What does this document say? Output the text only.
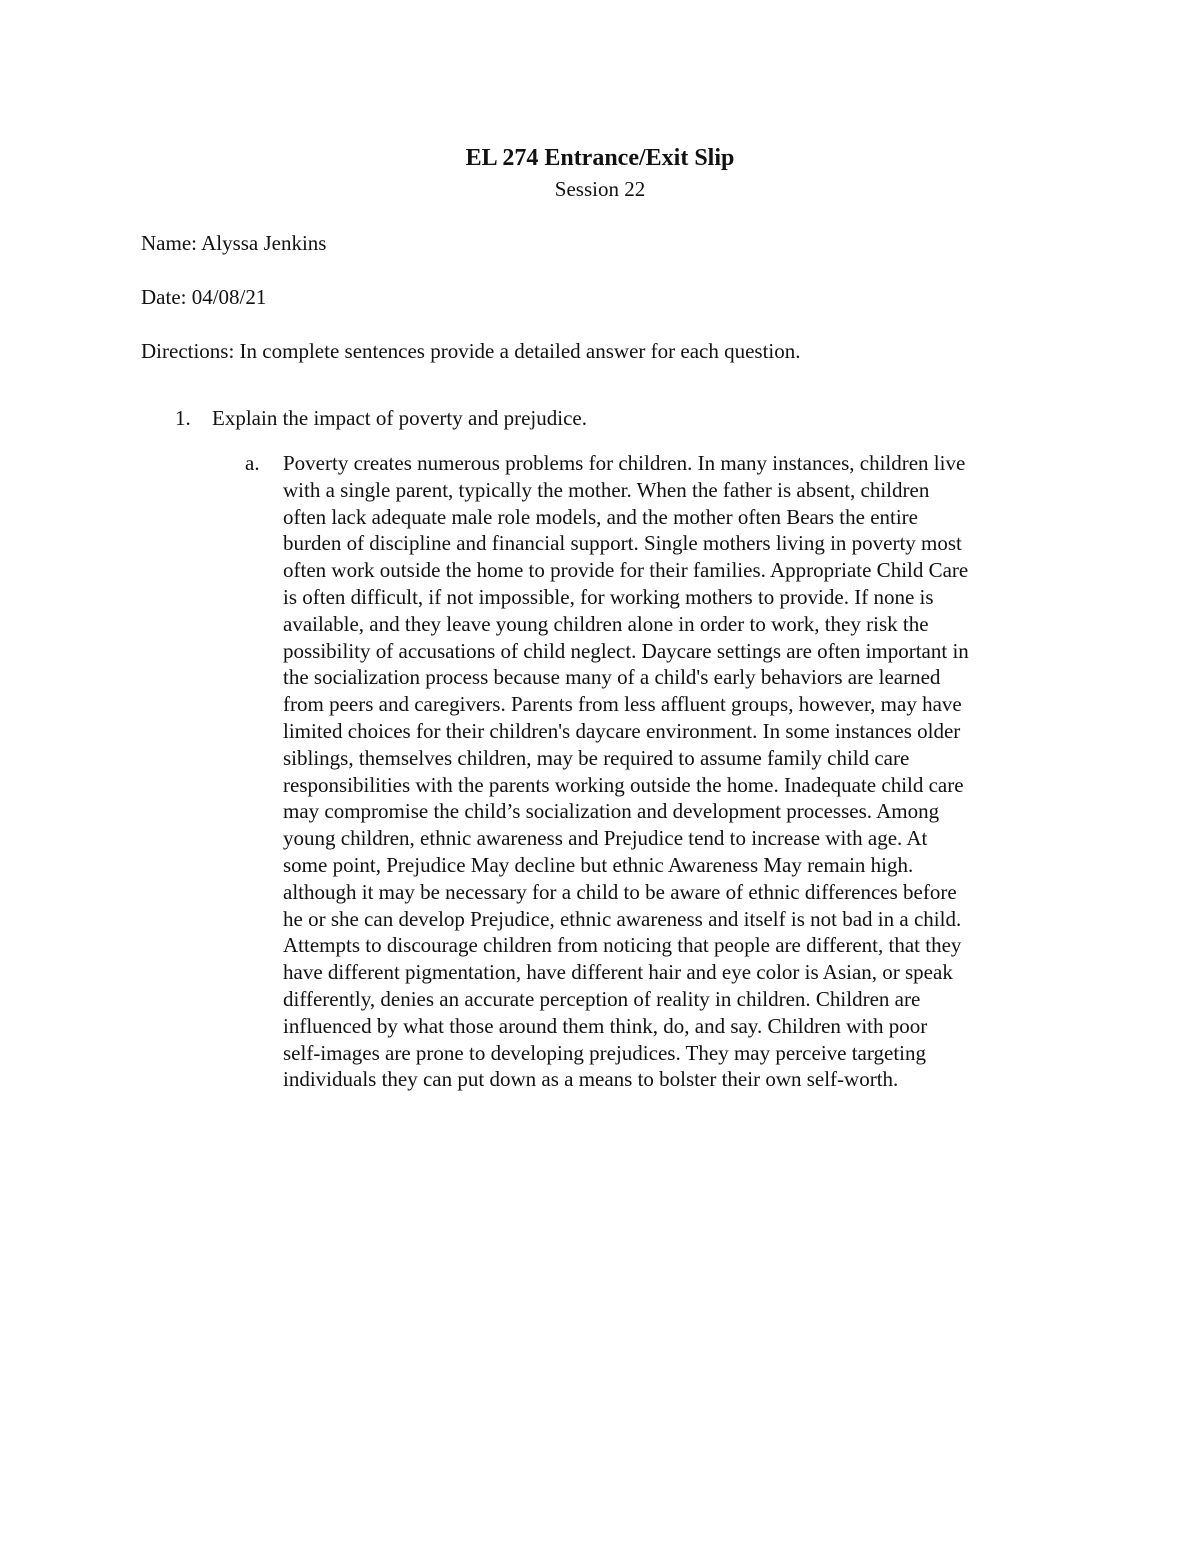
EL 274 Entrance/Exit Slip
Session 22
Name: Alyssa Jenkins
Date: 04/08/21
Directions: In complete sentences provide a detailed answer for each question.
1. Explain the impact of poverty and prejudice.
a. Poverty creates numerous problems for children. In many instances, children live
with a single parent, typically the mother. When the father is absent, children
often lack adequate male role models, and the mother often Bears the entire
burden of discipline and financial support. Single mothers living in poverty most
often work outside the home to provide for their families. Appropriate Child Care
is often difficult, if not impossible, for working mothers to provide. If none is
available, and they leave young children alone in order to work, they risk the
possibility of accusations of child neglect. Daycare settings are often important in
the socialization process because many of a child's early behaviors are learned
from peers and caregivers. Parents from less affluent groups, however, may have
limited choices for their children's daycare environment. In some instances older
siblings, themselves children, may be required to assume family child care
responsibilities with the parents working outside the home. Inadequate child care
may compromise the child’s socialization and development processes. Among
young children, ethnic awareness and Prejudice tend to increase with age. At
some point, Prejudice May decline but ethnic Awareness May remain high.
although it may be necessary for a child to be aware of ethnic differences before
he or she can develop Prejudice, ethnic awareness and itself is not bad in a child.
Attempts to discourage children from noticing that people are different, that they
have different pigmentation, have different hair and eye color is Asian, or speak
differently, denies an accurate perception of reality in children. Children are
influenced by what those around them think, do, and say. Children with poor
self-images are prone to developing prejudices. They may perceive targeting
individuals they can put down as a means to bolster their own self-worth.
